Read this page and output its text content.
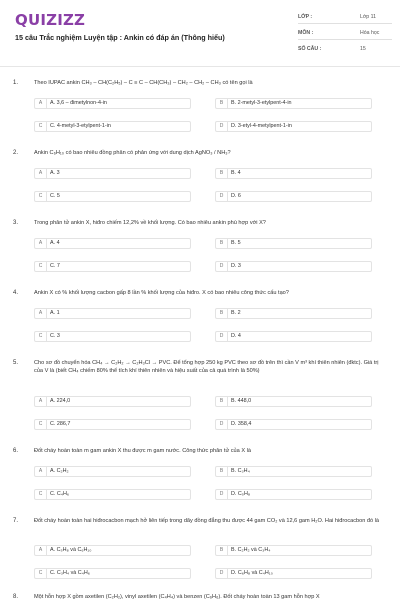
QUIZIZZ
15 câu Trắc nghiệm Luyện tập : Ankin có đáp án (Thông hiểu)
LỚP :	Lớp 11
MÔN :	Hóa học
SỐ CÂU :	15
1.	Theo IUPAC ankin CH₃ – CH(C₂H₅) – C ≡ C – CH(CH₃) – CH₂ – CH₂ – CH₃ có tên gọi là
A	A. 3,6 – đimetylnon-4-in	B	B. 2-metyl-3-etylpent-4-in
C	C. 4-metyl-3-etylpent-1-in	D	D. 3-etyl-4-metylpent-1-in
2.	Ankin C₆H₁₀ có bao nhiêu đồng phân có phản ứng với dung dịch AgNO₃ / NH₃?
A	A. 3	B	B. 4
C	C. 5	D	D. 6
3.	Trong phân tử ankin X, hiđro chiếm 12,2% về khối lượng. Có bao nhiêu ankin phù hợp với X?
A	A. 4	B	B. 5
C	C. 7	D	D. 3
4.	Ankin X có % khối lượng cacbon gấp 8 lần % khối lượng của hiđro. X có bao nhiêu công thức cấu tạo?
A	A. 1	B	B. 2
C	C. 3	D	D. 4
5.	Cho sơ đồ chuyển hóa CH₄ → C₂H₂ → C₂H₃Cl → PVC. Để tổng hợp 250 kg PVC theo sơ đồ trên thì cần V m³ khí thiên nhiên (đktc). Giá trị của V là (biết CH₄ chiếm 80% thể tích khí thiên nhiên và hiệu suất của cả quá trình là 50%)
A	A. 224,0	B	B. 448,0
C	C. 286,7	D	D. 358,4
6.	Đốt cháy hoàn toàn m gam ankin X thu được m gam nước. Công thức phân tử của X là
A	A. C₂H₂	B	B. C₃H₄
C	C. C₄H₆	D	D. C₅H₈
7.	Đốt cháy hoàn toàn hai hiđrocacbon mạch hở liên tiếp trong dãy đồng đẳng thu được 44 gam CO₂ và 12,6 gam H₂O. Hai hiđrocacbon đó là
A	A. C₅H₈ và C₆H₁₀	B	B. C₂H₂ và C₃H₄
C	C. C₃H₄ và C₄H₆	D	D. C₆H₈ và C₄H₁₀
8.	Một hỗn hợp X gồm axetilen (C₂H₂), vinyl axetilen (C₄H₄) và benzen (C₆H₆). Đốt cháy hoàn toàn 13 gam hỗn hợp X
